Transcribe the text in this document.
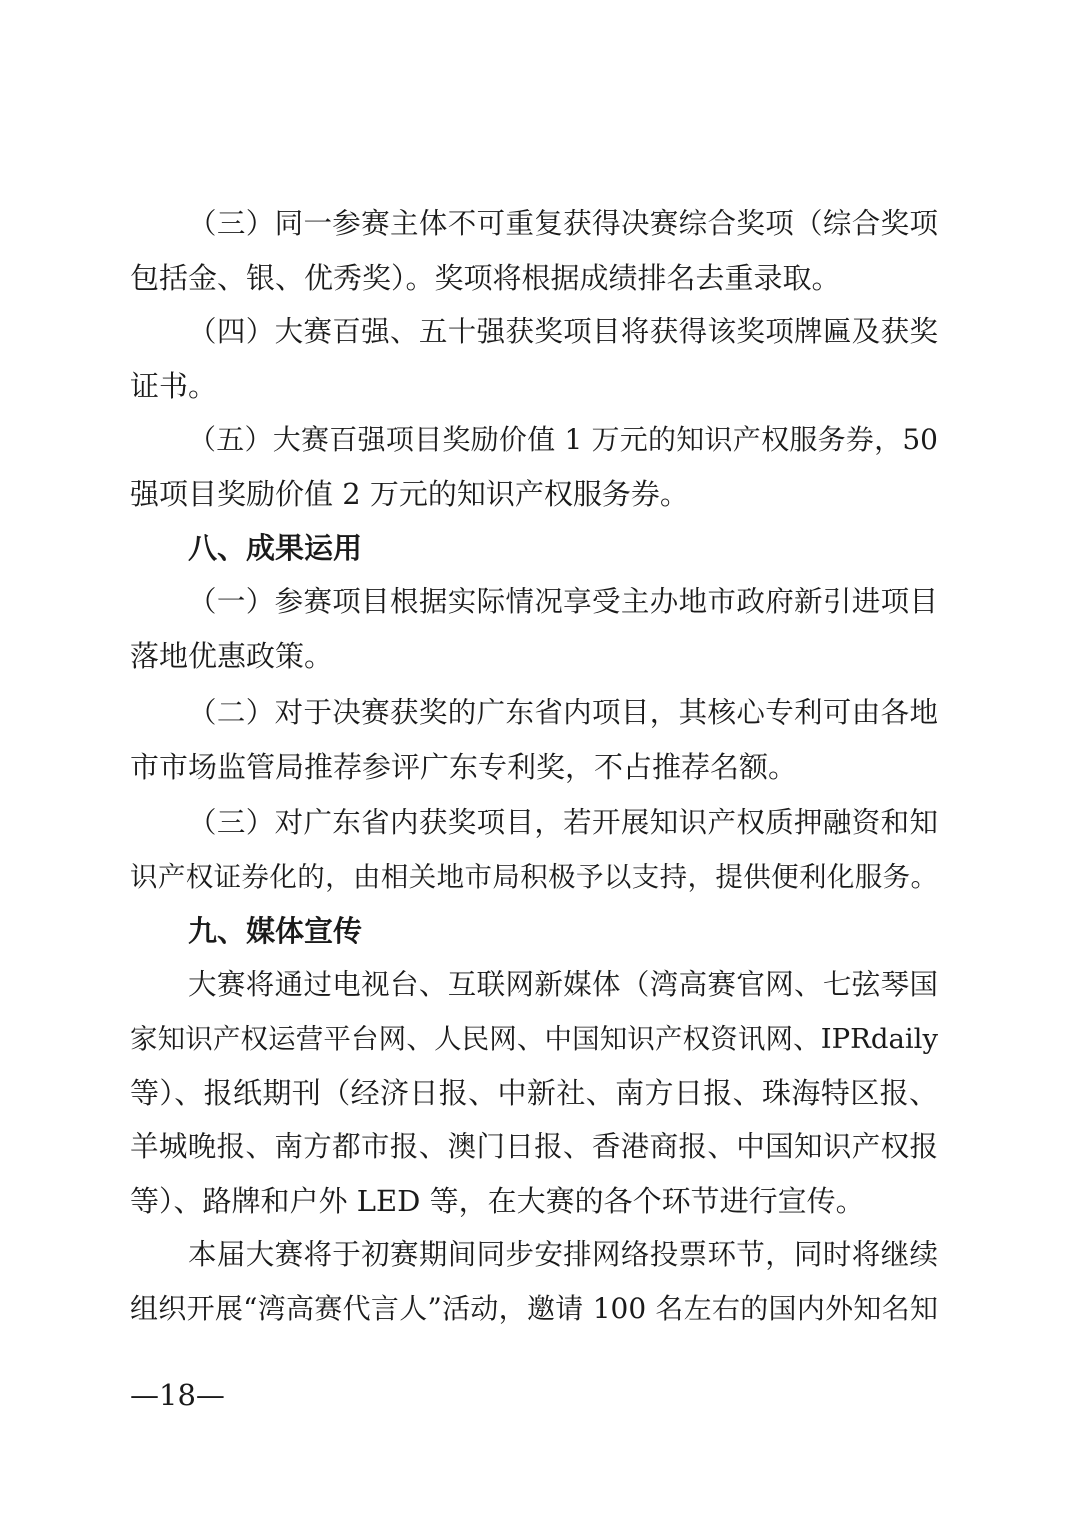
（三）同一参赛主体不可重复获得决赛综合奖项（综合奖项
包括金、银、优秀奖）。奖项将根据成绩排名去重录取。
（四）大赛百强、五十强获奖项目将获得该奖项牌匾及获奖
证书。
（五）大赛百强项目奖励价值 1 万元的知识产权服务券，50
强项目奖励价值 2 万元的知识产权服务券。
八、成果运用
（一）参赛项目根据实际情况享受主办地市政府新引进项目
落地优惠政策。
（二）对于决赛获奖的广东省内项目，其核心专利可由各地
市市场监管局推荐参评广东专利奖，不占推荐名额。
（三）对广东省内获奖项目，若开展知识产权质押融资和知
识产权证券化的，由相关地市局积极予以支持，提供便利化服务。
九、媒体宣传
大赛将通过电视台、互联网新媒体（湾高赛官网、七弦琴国
家知识产权运营平台网、人民网、中国知识产权资讯网、IPRdaily
等）、报纸期刊（经济日报、中新社、南方日报、珠海特区报、
羊城晚报、南方都市报、澳门日报、香港商报、中国知识产权报
等）、路牌和户外 LED 等，在大赛的各个环节进行宣传。
本届大赛将于初赛期间同步安排网络投票环节，同时将继续
组织开展“湾高赛代言人”活动，邀请 100 名左右的国内外知名知
—18—
